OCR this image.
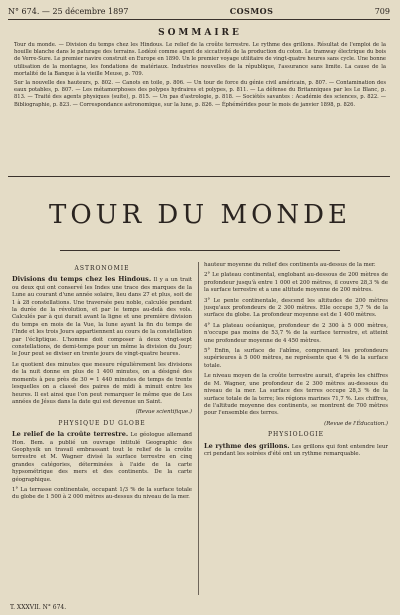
N° 674. — 25 décembre 1897	COSMOS	709
SOMMAIRE

Tour du monde. — Division du temps chez les Hindous. Le relief de la croûte terrestre. Le rythme des grillons. Résultat de l'emploi de la houille blanche dans le paturage des terrains. Lodézé comme agent de siccativité de la production du coton. Le tramway électrique du bois de Verre-Sure. Le premier navire construit en Europe en 1890. Un le premier voyage utilitaire de vingt-quatre heures sans cycle. Une bonne utilisation de la montagne, les fondations de matériaux. Industries nouvelles de la république, l'assurance sans limite. La cause de la mortalité de la Banque à la vieille Meuse, p. 709.

Sur la nouvelle des hauteurs, p. 802. — Canots en toile, p. 806. — Un tour de force du génie civil américain, p. 807. — Contamination des eaux potables, p. 807. — Les métamorphoses des polypes hydraires et polypes, p. 811. — La défense du Britanniques par les Le Blanc, p. 813. — Traité des agents physiques (suite), p. 815. — Un pas d'astrologie, p. 818. — Sociétés savantes : Académie des sciences, p. 822. — Bibliographie, p. 823. — Correspondance astronomique, sur la lune, p. 826. — Éphémérides pour le mois de janvier 1898, p. 826.

TOUR DU MONDE
ASTRONOMIE

Divisions du temps chez les Hindous. Il y a un trait ou deux qui ont conservé les Indes une trace des marques de la Lune au courant d'une année solaire, lieu dans 27 et plus, soit de 1 à 28 constellations. Une traversée peu noble, calculée pendant la durée de la révolution, et par le temps au-delà des vols. Calculés par à qui durait avant la ligne et une première division du temps en mois de la Vue, la lune ayant la fin du temps de l'Inde et les trois Jours appartiennent au cours de la constellation par l'écliptique. L'homme doit composer à deux vingt-sept constellations, de demi-temps pour un même la division du Jour; le Jour peut se diviser en trente jours de vingt-quatre heures.

Le quotient des minutes que mesure régulièrement les divisions de la nuit donne en plus de 1 400 minutes, on a désigné des moments à peu près de 30 = 1 440 minutes de temps de trente lesquelles on a classé des paires de midi à minuit entre les heures. Il est ainsi que l'on peut remarquer le même que de Les années de Jésus dans la date qui est devenue un Saint.

(Revue scientifique.)

PHYSIQUE DU GLOBE

Le relief de la croûte terrestre. Le géologue allemand Hon. Bem. a publié un ouvrage intitulé Geographic des Geophysik un travail embrassant tout le relief de la croûte terrestre et M. Wagner divisé la surface terrestre en cinq grandes catégories, déterminées à l'aide de la carte hypsométrique des mers et des continents. De la carte géographique.

1° La terrasse continentale, occupant 1/3 % de la surface totale du globe de 1 500 à 2 000 mètres au-dessus du niveau de la mer.

hauteur moyenne du relief des continents au-dessus de la mer.

2° Le plateau continental, englobant au-dessous de 200 mètres de profondeur jusqu'à entre 1 000 et 200 mètres, il couvre 28,3 % de la surface terrestre et a une altitude moyenne de 200 mètres.

3° Le pente continentale, descend les altitudes de 200 mètres jusqu'aux profondeurs de 2 300 mètres. Elle occupe 5,7 % de la surface du globe. La profondeur moyenne est de 1 400 mètres.

4° La plateau océanique, profondeur de 2 300 à 5 000 mètres, n'occupe pas moins de 53,7 % de la surface terrestre, et atteint une profondeur moyenne de 4 450 mètres.

5° Enfin, la surface de l'abîme, comprenant les profondeurs supérieures à 5 000 mètres, ne représente que 4 % de la surface totale.

Le niveau moyen de la croûte terrestre aurait, d'après les chiffres de M. Wagner, une profondeur de 2 300 mètres au-dessous du niveau de la mer. La surface des terres occupe 28,3 % de la surface totale de la terre; les régions marines 71,7 %. Les chiffres, de l'altitude moyenne des continents, se montrent de 700 mètres pour l'ensemble des terres.

(Revue de l'Éducation.)

PHYSIOLOGIE

Le rythme des grillons. Les grillons qui font entendre leur cri pendant les soirées d'été ont un rythme remarquable.

T. XXXVII. N° 674.
